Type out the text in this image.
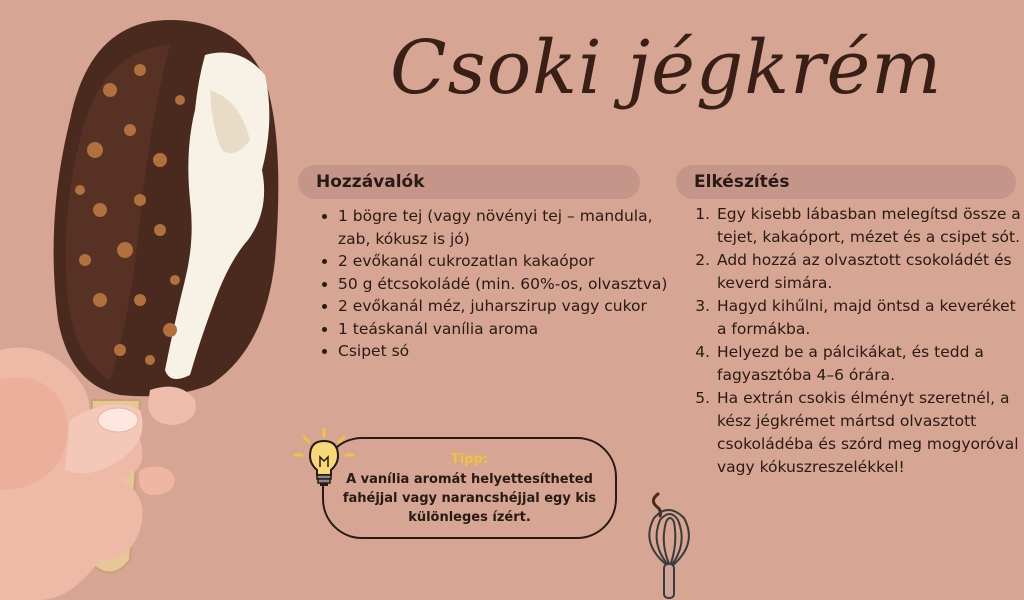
Csoki jégkrém
Hozzávalók
• 1 bögre tej (vagy növényi tej – mandula, zab, kókusz is jó)
• 2 evőkanál cukrozatlan kakaópor
• 50 g étcsokoládé (min. 60%-os, olvasztva)
• 2 evőkanál méz, juharszirup vagy cukor
• 1 teáskanál vanília aroma
• Csipet só
Elkészítés
1. Egy kisebb lábasban melegítsd össze a tejet, kakaóport, mézet és a csipet sót.
2. Add hozzá az olvasztott csokoládét és keverd simára.
3. Hagyd kihűlni, majd öntsd a keveréket a formákba.
4. Helyezd be a pálcikákat, és tedd a fagyasztóba 4–6 órára.
5. Ha extrán csokis élményt szeretnél, a kész jégkrémet mártsd olvasztott csokoládéba és szórd meg mogyoróval vagy kókuszreszelékkel!
Tipp:
A vanília aromát helyettesítheted fahéjjal vagy narancshéjjal egy kis különleges ízért.
